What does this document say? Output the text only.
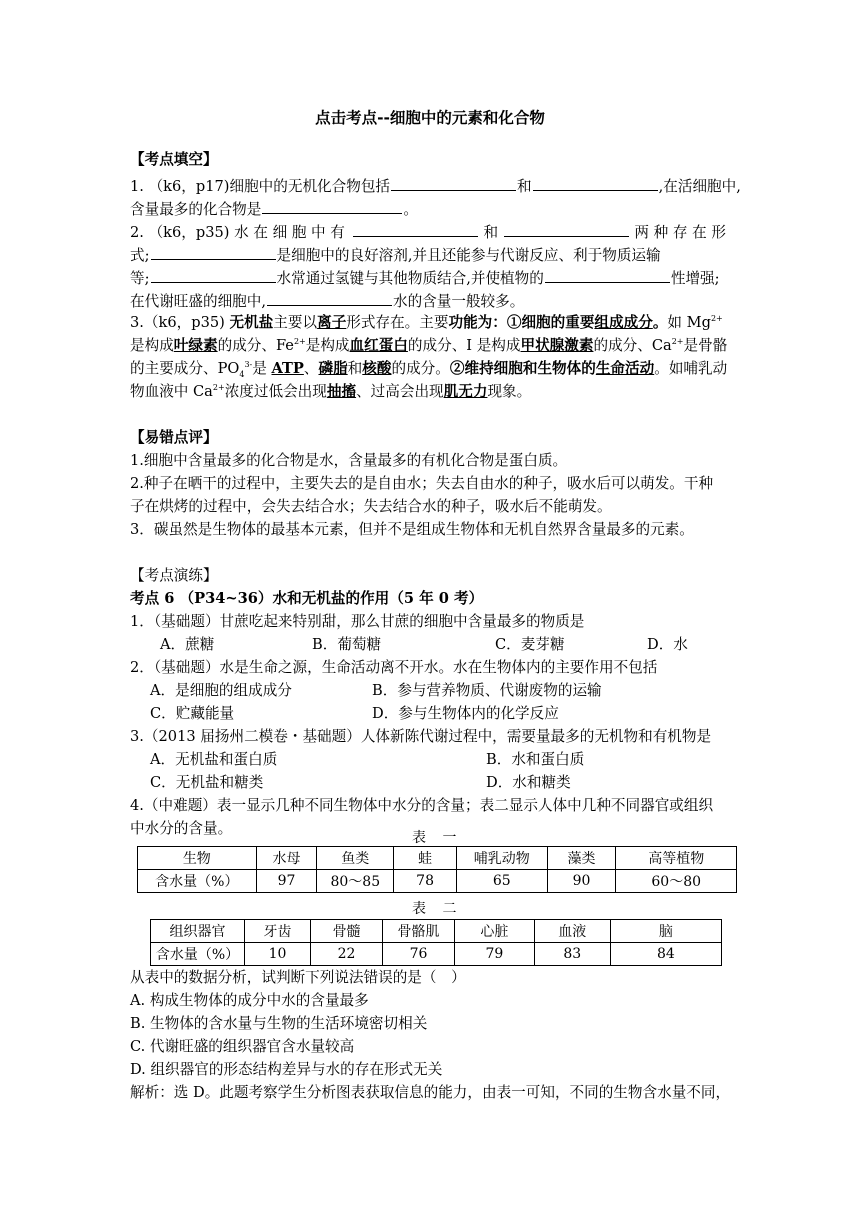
点击考点--细胞中的元素和化合物
【考点填空】
1. （k6，p17)细胞中的无机化合物包括	和	,在活细胞中,
含量最多的化合物是	。
2. （k6，p35) 水 在 细 胞 中 有	和	两 种 存 在 形
式;	是细胞中的良好溶剂,并且还能参与代谢反应、利于物质运输
等;	水常通过氢键与其他物质结合,并使植物的	性增强;
在代谢旺盛的细胞中,	水的含量一般较多。
3.（k6，p35) 无机盐主要以离子形式存在。主要功能为：①细胞的重要组成成分。如 $Mg^{2+}$
是构成叶绿素的成分、$Fe^{2+}$是构成血红蛋白的成分、I 是构成甲状腺激素的成分、$Ca^{2+}$是骨骼
的主要成分、$PO_4^{3-}$是 ATP、磷脂和核酸的成分。②维持细胞和生物体的生命活动。如哺乳动
物血液中 $Ca^{2+}$浓度过低会出现抽搐、过高会出现肌无力现象。
【易错点评】
1.细胞中含量最多的化合物是水，含量最多的有机化合物是蛋白质。
2.种子在晒干的过程中，主要失去的是自由水；失去自由水的种子，吸水后可以萌发。干种
子在烘烤的过程中，会失去结合水；失去结合水的种子，吸水后不能萌发。
3．碳虽然是生物体的最基本元素，但并不是组成生物体和无机自然界含量最多的元素。
【考点演练】
考点 6 （P34~36）水和无机盐的作用（5 年 0 考）
1．（基础题）甘蔗吃起来特别甜，那么甘蔗的细胞中含量最多的物质是
A．蔗糖	B．葡萄糖	C．麦芽糖	D．水
2．（基础题）水是生命之源，生命活动离不开水。水在生物体内的主要作用不包括
A．是细胞的组成成分	B．参与营养物质、代谢废物的运输
C．贮藏能量	D．参与生物体内的化学反应
3.（2013 届扬州二模卷・基础题）人体新陈代谢过程中，需要量最多的无机物和有机物是
A．无机盐和蛋白质	B．水和蛋白质
C．无机盐和糖类	D．水和糖类
4.（中难题）表一显示几种不同生物体中水分的含量；表二显示人体中几种不同器官或组织
中水分的含量。
表 一
生物	水母	鱼类	蛙	哺乳动物	藻类	高等植物
含水量（%）	97	80～85	78	65	90	60～80
表 二
组织器官	牙齿	骨髓	骨骼肌	心脏	血液	脑
含水量（%）	10	22	76	79	83	84
从表中的数据分析，试判断下列说法错误的是（　）
A. 构成生物体的成分中水的含量最多
B. 生物体的含水量与生物的生活环境密切相关
C. 代谢旺盛的组织器官含水量较高
D. 组织器官的形态结构差异与水的存在形式无关
解析：选 D。此题考察学生分析图表获取信息的能力，由表一可知，不同的生物含水量不同，
